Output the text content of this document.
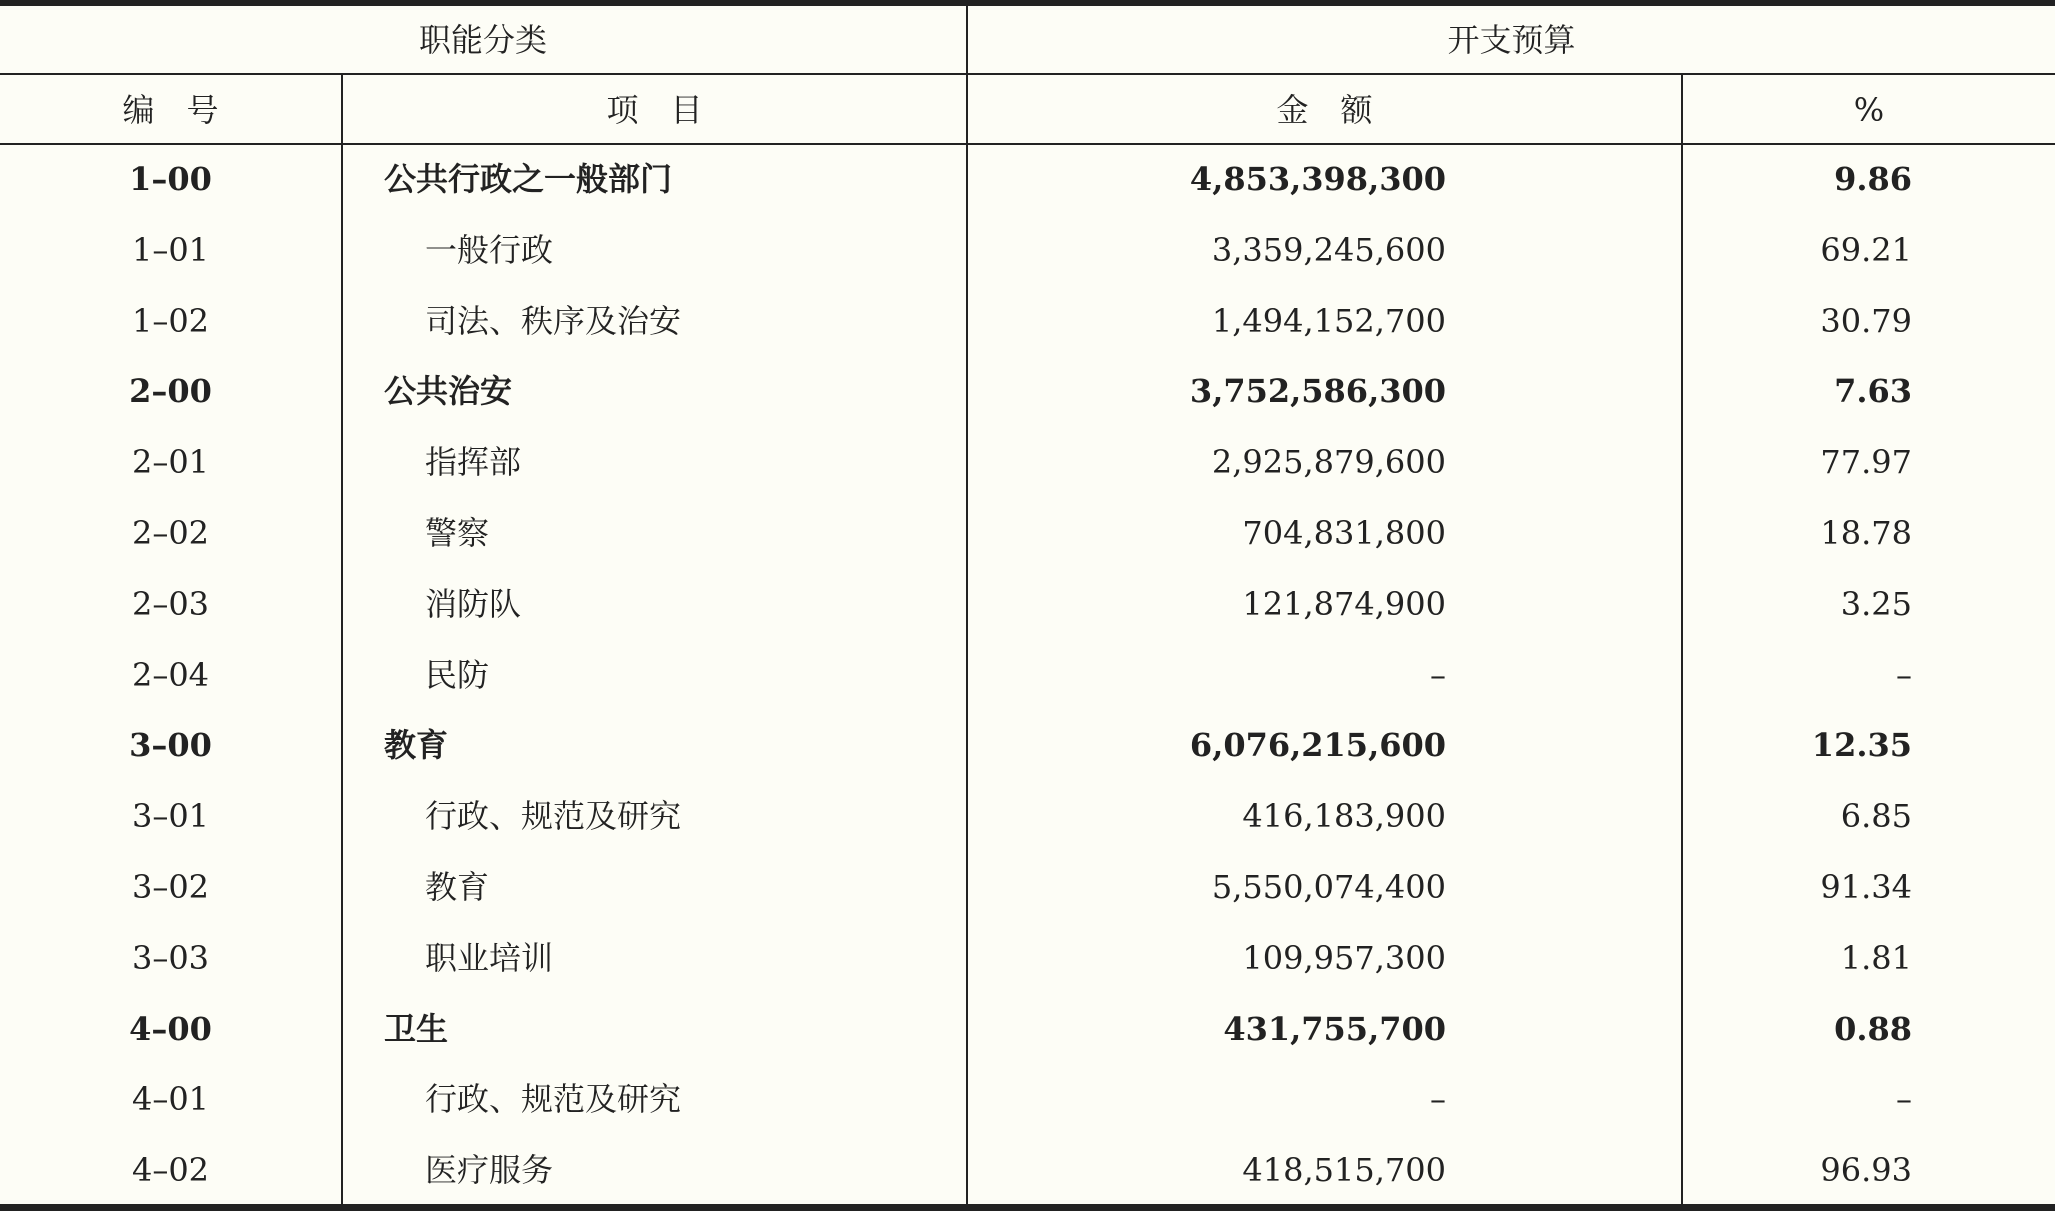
职能分类	开支预算
编　号	项　目	金　额	%
1–00	公共行政之一般部门	4,853,398,300	9.86
1–01	一般行政	3,359,245,600	69.21
1–02	司法、秩序及治安	1,494,152,700	30.79
2–00	公共治安	3,752,586,300	7.63
2–01	指挥部	2,925,879,600	77.97
2–02	警察	704,831,800	18.78
2–03	消防队	121,874,900	3.25
2–04	民防	–	–
3–00	教育	6,076,215,600	12.35
3–01	行政、规范及研究	416,183,900	6.85
3–02	教育	5,550,074,400	91.34
3–03	职业培训	109,957,300	1.81
4–00	卫生	431,755,700	0.88
4–01	行政、规范及研究	–	–
4–02	医疗服务	418,515,700	96.93
